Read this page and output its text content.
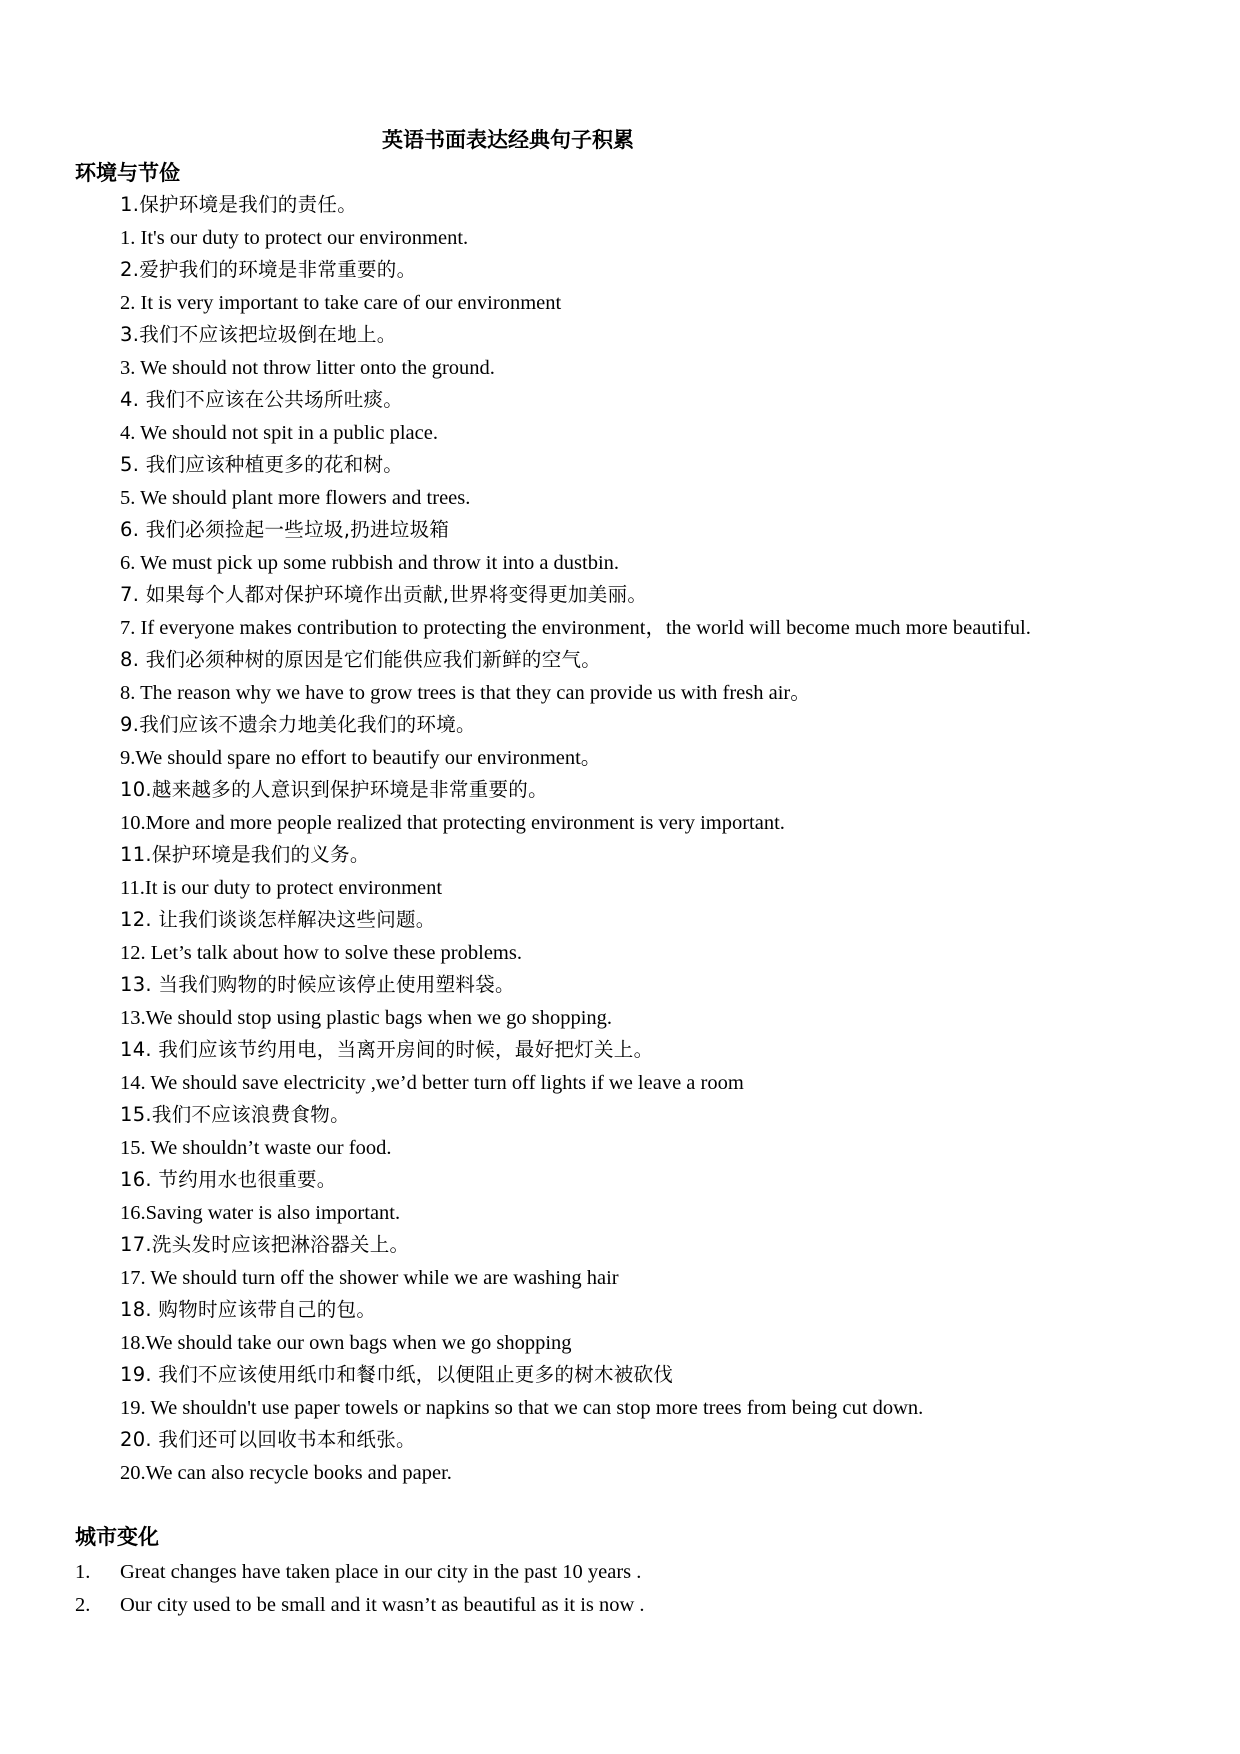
英语书面表达经典句子积累
环境与节俭
1.保护环境是我们的责任。
1. It's our duty to protect our environment.
2.爱护我们的环境是非常重要的。
2. It is very important to take care of our environment
3.我们不应该把垃圾倒在地上。
3. We should not throw litter onto the ground.
4. 我们不应该在公共场所吐痰。
4. We should not spit in a public place.
5. 我们应该种植更多的花和树。
5. We should plant more flowers and trees.
6. 我们必须捡起一些垃圾,扔进垃圾箱
6. We must pick up some rubbish and throw it into a dustbin.
7. 如果每个人都对保护环境作出贡献,世界将变得更加美丽。
7. If everyone makes contribution to protecting the environment，the world will become much more beautiful.
8. 我们必须种树的原因是它们能供应我们新鲜的空气。
8. The reason why we have to grow trees is that they can provide us with fresh air。
9.我们应该不遗余力地美化我们的环境。
9.We should spare no effort to beautify our environment。
10.越来越多的人意识到保护环境是非常重要的。
10.More and more people realized that protecting environment is very important.
11.保护环境是我们的义务。
11.It is our duty to protect environment
12. 让我们谈谈怎样解决这些问题。
12. Let’s talk about how to solve these problems.
13. 当我们购物的时候应该停止使用塑料袋。
13.We should stop using plastic bags when we go shopping.
14. 我们应该节约用电，当离开房间的时候，最好把灯关上。
14. We should save electricity ,we’d better turn off lights if we leave a room
15.我们不应该浪费食物。
15. We shouldn’t waste our food.
16. 节约用水也很重要。
16.Saving water is also important.
17.洗头发时应该把淋浴器关上。
17. We should turn off the shower while we are washing hair
18. 购物时应该带自己的包。
18.We should take our own bags when we go shopping
19. 我们不应该使用纸巾和餐巾纸，以便阻止更多的树木被砍伐
19. We shouldn't use paper towels or napkins so that we can stop more trees from being cut down.
20. 我们还可以回收书本和纸张。
20.We can also recycle books and paper.
城市变化
1. Great changes have taken place in our city in the past 10 years .
2. Our city used to be small and it wasn’t as beautiful as it is now .
